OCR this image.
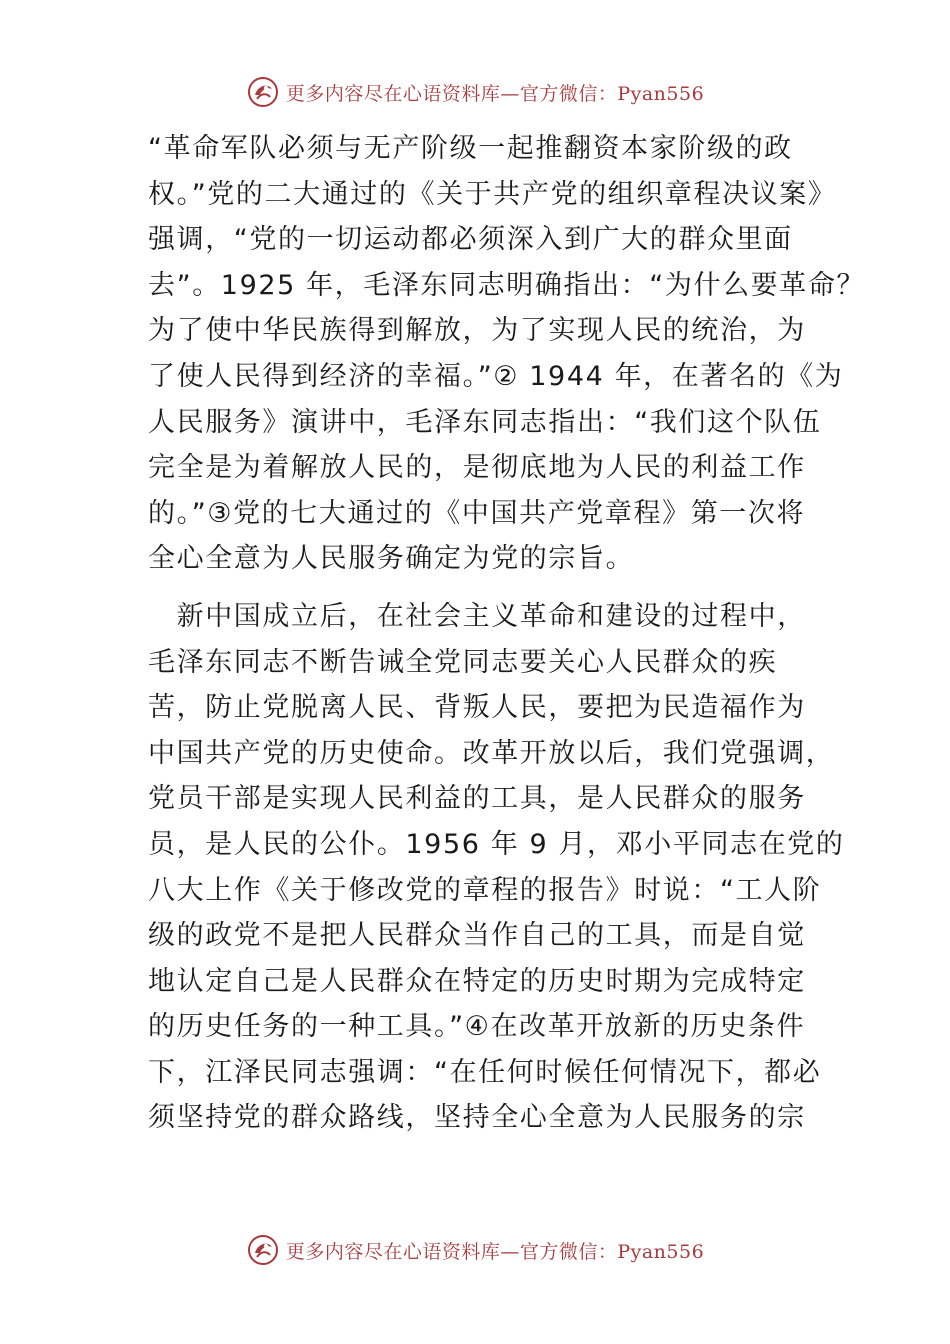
更多内容尽在心语资料库—官方微信：Pyan556

“革命军队必须与无产阶级一起推翻资本家阶级的政
权。”党的二大通过的《关于共产党的组织章程决议案》
强调，“党的一切运动都必须深入到广大的群众里面
去”。1925 年，毛泽东同志明确指出：“为什么要革命？
为了使中华民族得到解放，为了实现人民的统治，为
了使人民得到经济的幸福。”② 1944 年，在著名的《为
人民服务》演讲中，毛泽东同志指出：“我们这个队伍
完全是为着解放人民的，是彻底地为人民的利益工作
的。”③党的七大通过的《中国共产党章程》第一次将
全心全意为人民服务确定为党的宗旨。

　新中国成立后，在社会主义革命和建设的过程中，
毛泽东同志不断告诫全党同志要关心人民群众的疾
苦，防止党脱离人民、背叛人民，要把为民造福作为
中国共产党的历史使命。改革开放以后，我们党强调，
党员干部是实现人民利益的工具，是人民群众的服务
员，是人民的公仆。1956 年 9 月，邓小平同志在党的
八大上作《关于修改党的章程的报告》时说：“工人阶
级的政党不是把人民群众当作自己的工具，而是自觉
地认定自己是人民群众在特定的历史时期为完成特定
的历史任务的一种工具。”④在改革开放新的历史条件
下，江泽民同志强调：“在任何时候任何情况下，都必
须坚持党的群众路线，坚持全心全意为人民服务的宗

更多内容尽在心语资料库—官方微信：Pyan556
